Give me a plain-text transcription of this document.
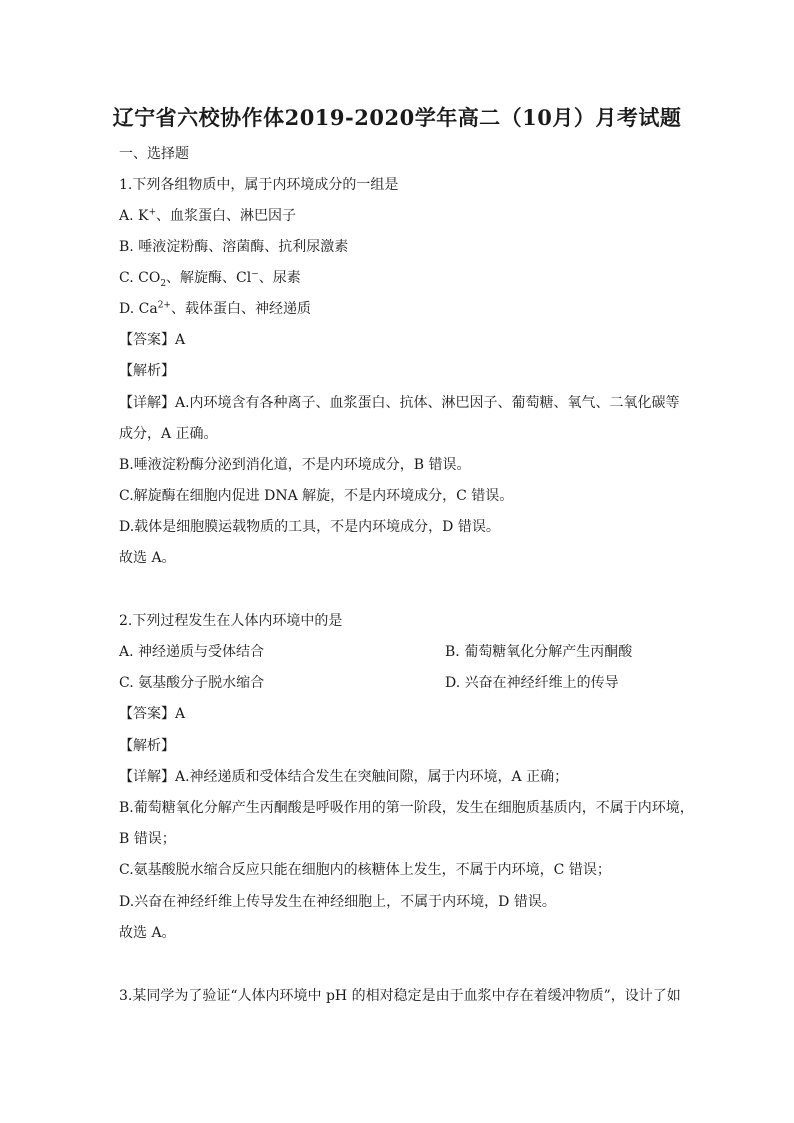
辽宁省六校协作体2019-2020学年高二（10月）月考试题
一、选择题
1.下列各组物质中，属于内环境成分的一组是
A. K+、血浆蛋白、淋巴因子
B. 唾液淀粉酶、溶菌酶、抗利尿激素
C. $CO_2$、解旋酶、Cl−、尿素
D. $Ca^{2+}$、载体蛋白、神经递质
【答案】A
【解析】
【详解】A.内环境含有各种离子、血浆蛋白、抗体、淋巴因子、葡萄糖、氧气、二氧化碳等
成分，A 正确。
B.唾液淀粉酶分泌到消化道，不是内环境成分，B 错误。
C.解旋酶在细胞内促进 DNA 解旋，不是内环境成分，C 错误。
D.载体是细胞膜运载物质的工具，不是内环境成分，D 错误。
故选 A。
2.下列过程发生在人体内环境中的是
A. 神经递质与受体结合	B. 葡萄糖氧化分解产生丙酮酸
C. 氨基酸分子脱水缩合	D. 兴奋在神经纤维上的传导
【答案】A
【解析】
【详解】A.神经递质和受体结合发生在突触间隙，属于内环境，A 正确；
B.葡萄糖氧化分解产生丙酮酸是呼吸作用的第一阶段，发生在细胞质基质内，不属于内环境，
B 错误；
C.氨基酸脱水缩合反应只能在细胞内的核糖体上发生，不属于内环境，C 错误；
D.兴奋在神经纤维上传导发生在神经细胞上，不属于内环境，D 错误。
故选 A。
3.某同学为了验证“人体内环境中 pH 的相对稳定是由于血浆中存在着缓冲物质”，设计了如
